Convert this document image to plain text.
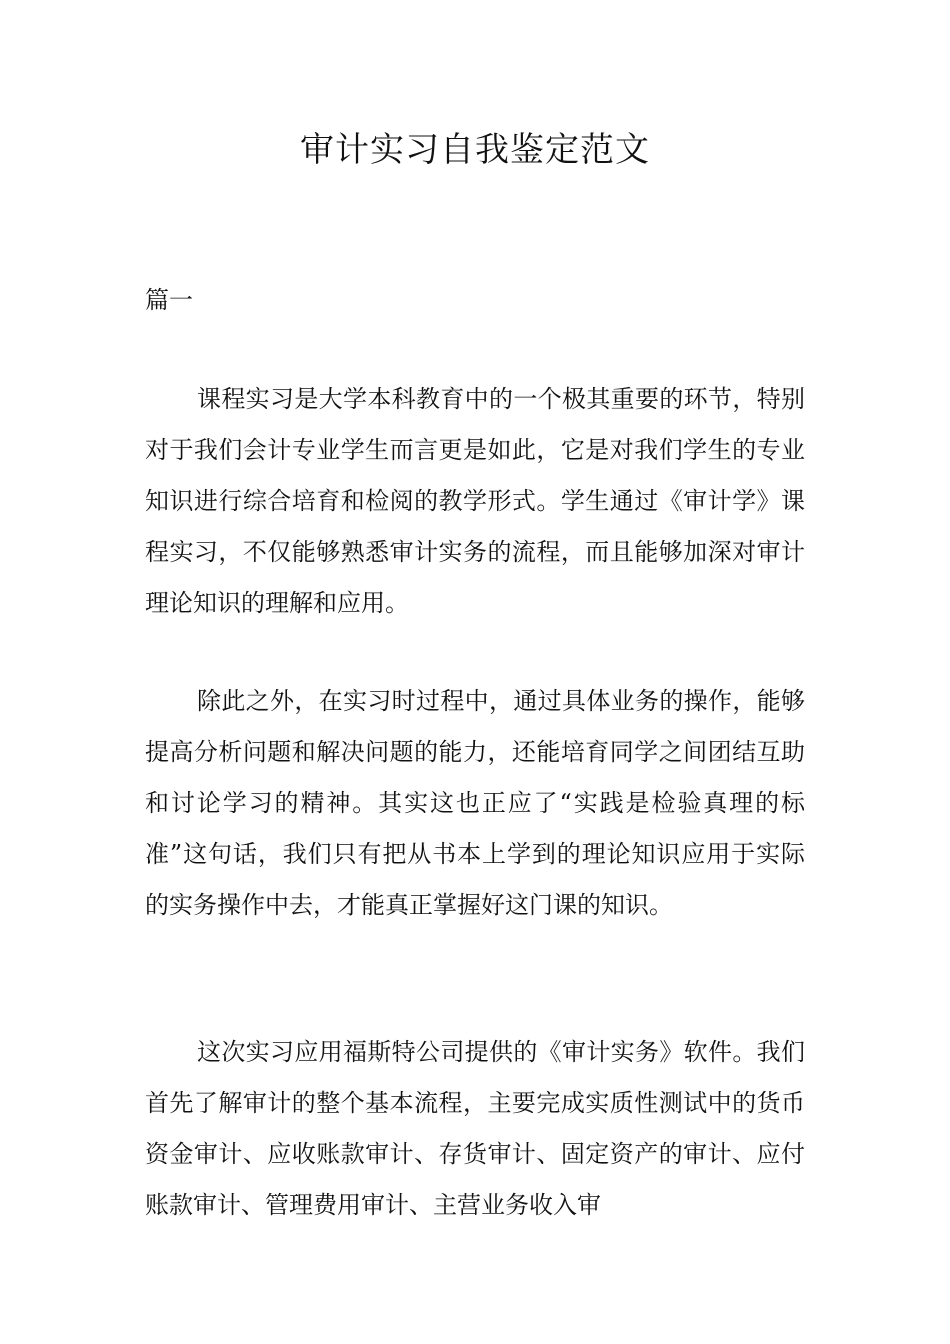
审计实习自我鉴定范文

篇一

课程实习是大学本科教育中的一个极其重要的环节，特别对于我们会计专业学生而言更是如此，它是对我们学生的专业知识进行综合培育和检阅的教学形式。学生通过《审计学》课程实习，不仅能够熟悉审计实务的流程，而且能够加深对审计理论知识的理解和应用。

除此之外，在实习时过程中，通过具体业务的操作，能够提高分析问题和解决问题的能力，还能培育同学之间团结互助和讨论学习的精神。其实这也正应了“实践是检验真理的标准”这句话，我们只有把从书本上学到的理论知识应用于实际的实务操作中去，才能真正掌握好这门课的知识。

这次实习应用福斯特公司提供的《审计实务》软件。我们首先了解审计的整个基本流程，主要完成实质性测试中的货币资金审计、应收账款审计、存货审计、固定资产的审计、应付账款审计、管理费用审计、主营业务收入审
